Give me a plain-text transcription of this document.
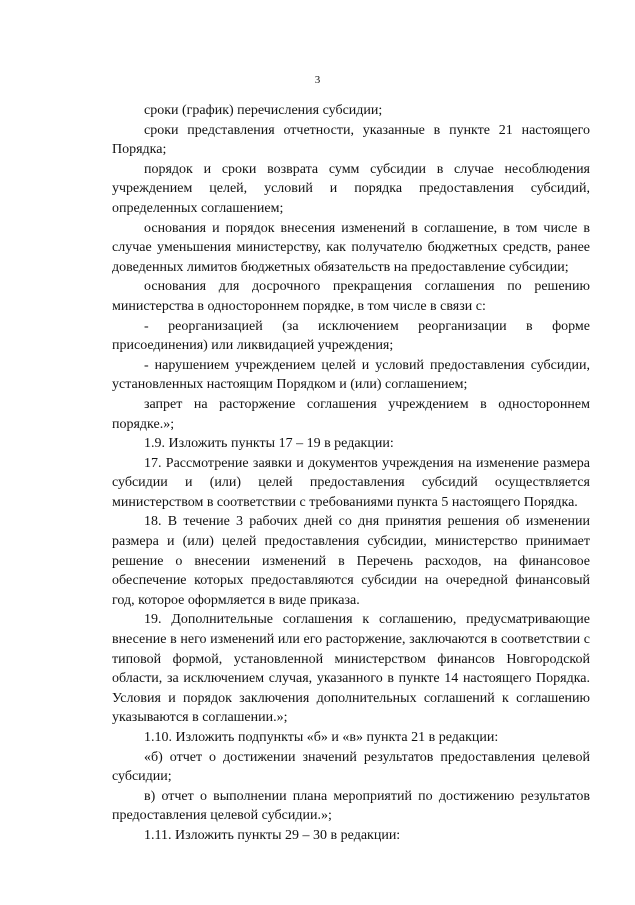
3

сроки (график) перечисления субсидии;

сроки представления отчетности, указанные в пункте 21 настоящего Порядка;

порядок и сроки возврата сумм субсидии в случае несоблюдения учреждением целей, условий и порядка предоставления субсидий, определенных соглашением;

основания и порядок внесения изменений в соглашение, в том числе в случае уменьшения министерству, как получателю бюджетных средств, ранее доведенных лимитов бюджетных обязательств на предоставление субсидии;

основания для досрочного прекращения соглашения по решению министерства в одностороннем порядке, в том числе в связи с:

- реорганизацией (за исключением реорганизации в форме присоединения) или ликвидацией учреждения;

- нарушением учреждением целей и условий предоставления субсидии, установленных настоящим Порядком и (или) соглашением;

запрет на расторжение соглашения учреждением в одностороннем порядке.»;

1.9. Изложить пункты 17 – 19 в редакции:

17. Рассмотрение заявки и документов учреждения на изменение размера субсидии и (или) целей предоставления субсидий осуществляется министерством в соответствии с требованиями пункта 5 настоящего Порядка.

18. В течение 3 рабочих дней со дня принятия решения об изменении размера и (или) целей предоставления субсидии, министерство принимает решение о внесении изменений в Перечень расходов, на финансовое обеспечение которых предоставляются субсидии на очередной финансовый год, которое оформляется в виде приказа.

19. Дополнительные соглашения к соглашению, предусматривающие внесение в него изменений или его расторжение, заключаются в соответствии с типовой формой, установленной министерством финансов Новгородской области, за исключением случая, указанного в пункте 14 настоящего Порядка. Условия и порядок заключения дополнительных соглашений к соглашению указываются в соглашении.»;

1.10. Изложить подпункты «б» и «в» пункта 21 в редакции:

«б) отчет о достижении значений результатов предоставления целевой субсидии;

в) отчет о выполнении плана мероприятий по достижению результатов предоставления целевой субсидии.»;

1.11. Изложить пункты 29 – 30 в редакции:
